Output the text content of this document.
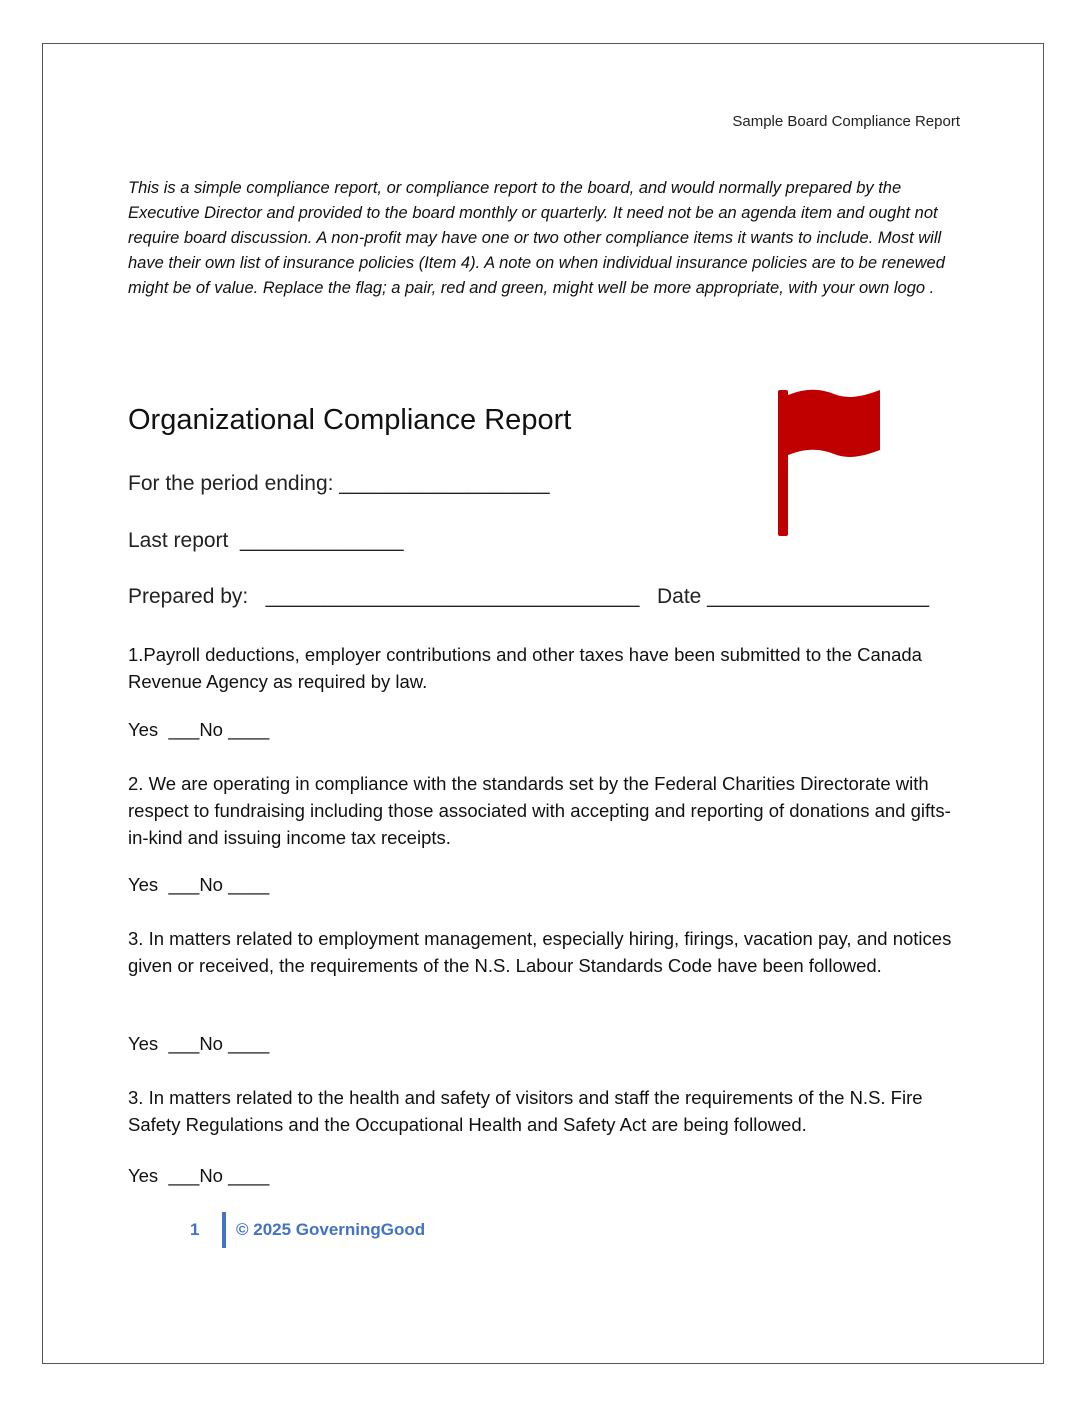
Sample Board Compliance Report
This is a simple compliance report, or compliance report to the board, and would normally prepared by the Executive Director and provided to the board monthly or quarterly. It need not be an agenda item and ought not require board discussion. A non-profit may have one or two other compliance items it wants to include. Most will have their own list of insurance policies (Item 4). A note on when individual insurance policies are to be renewed might be of value. Replace the flag; a pair, red and green, might well be more appropriate, with your own logo .
Organizational Compliance Report
For the period ending: __________________
Last report  ______________
Prepared by:   ________________________________   Date ___________________
1.Payroll deductions, employer contributions and other taxes have been submitted to the Canada Revenue Agency as required by law.
Yes  ___No ____
2. We are operating in compliance with the standards set by the Federal Charities Directorate with respect to fundraising including those associated with accepting and reporting of donations and gifts-in-kind and issuing income tax receipts.
Yes  ___No ____
3. In matters related to employment management, especially hiring, firings, vacation pay, and notices given or received, the requirements of the N.S. Labour Standards Code have been followed.
Yes  ___No ____
3. In matters related to the health and safety of visitors and staff the requirements of the N.S. Fire Safety Regulations and the Occupational Health and Safety Act are being followed.
Yes  ___No ____
1	© 2025 GoverningGood
